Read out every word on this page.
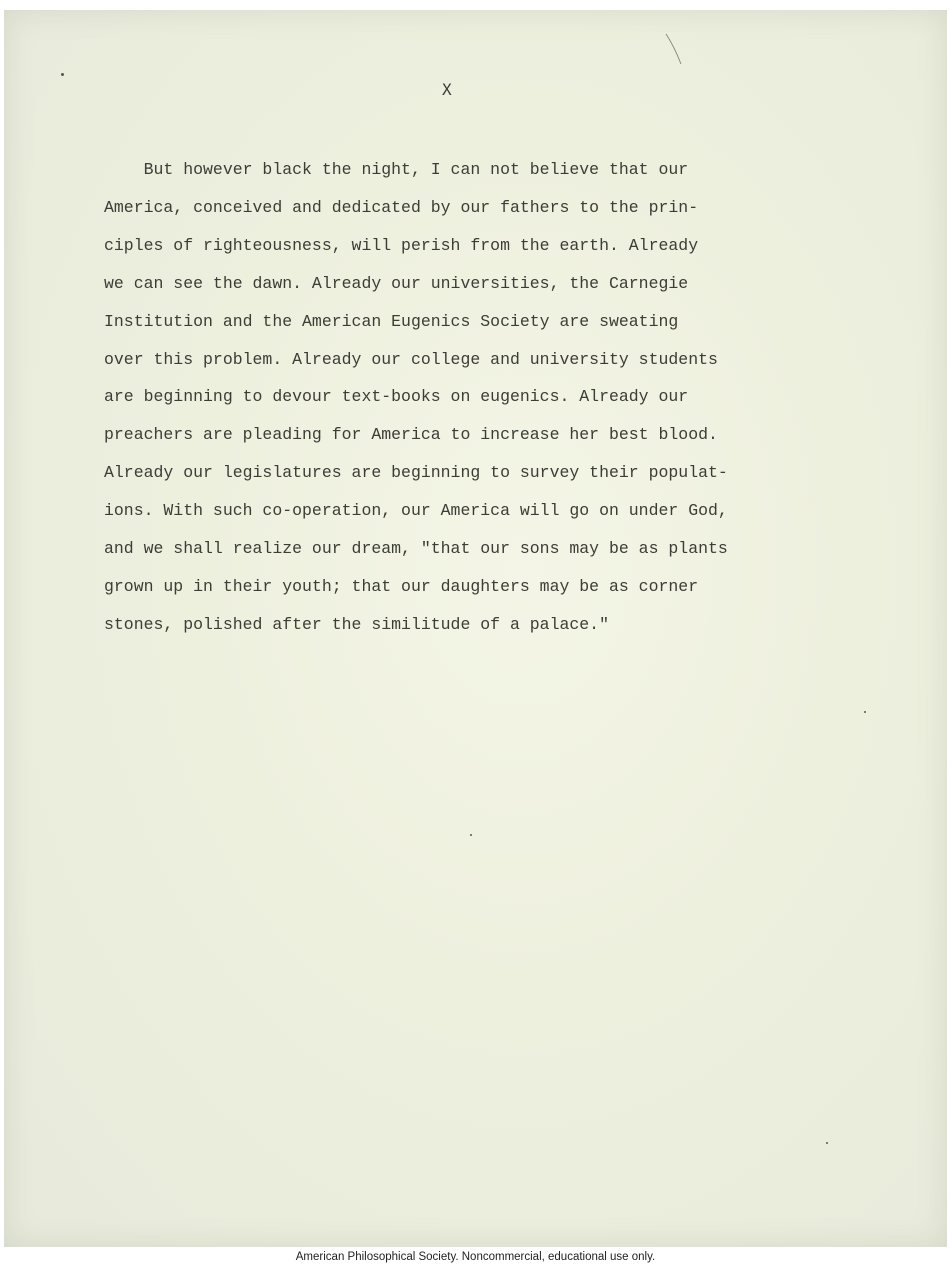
X

But however black the night, I can not believe that our
America, conceived and dedicated by our fathers to the prin-
ciples of righteousness, will perish from the earth. Already
we can see the dawn. Already our universities, the Carnegie
Institution and the American Eugenics Society are sweating
over this problem. Already our college and university students
are beginning to devour text-books on eugenics. Already our
preachers are pleading for America to increase her best blood.
Already our legislatures are beginning to survey their populat-
ions. With such co-operation, our America will go on under God,
and we shall realize our dream, "that our sons may be as plants
grown up in their youth; that our daughters may be as corner
stones, polished after the similitude of a palace."

American Philosophical Society. Noncommercial, educational use only.
